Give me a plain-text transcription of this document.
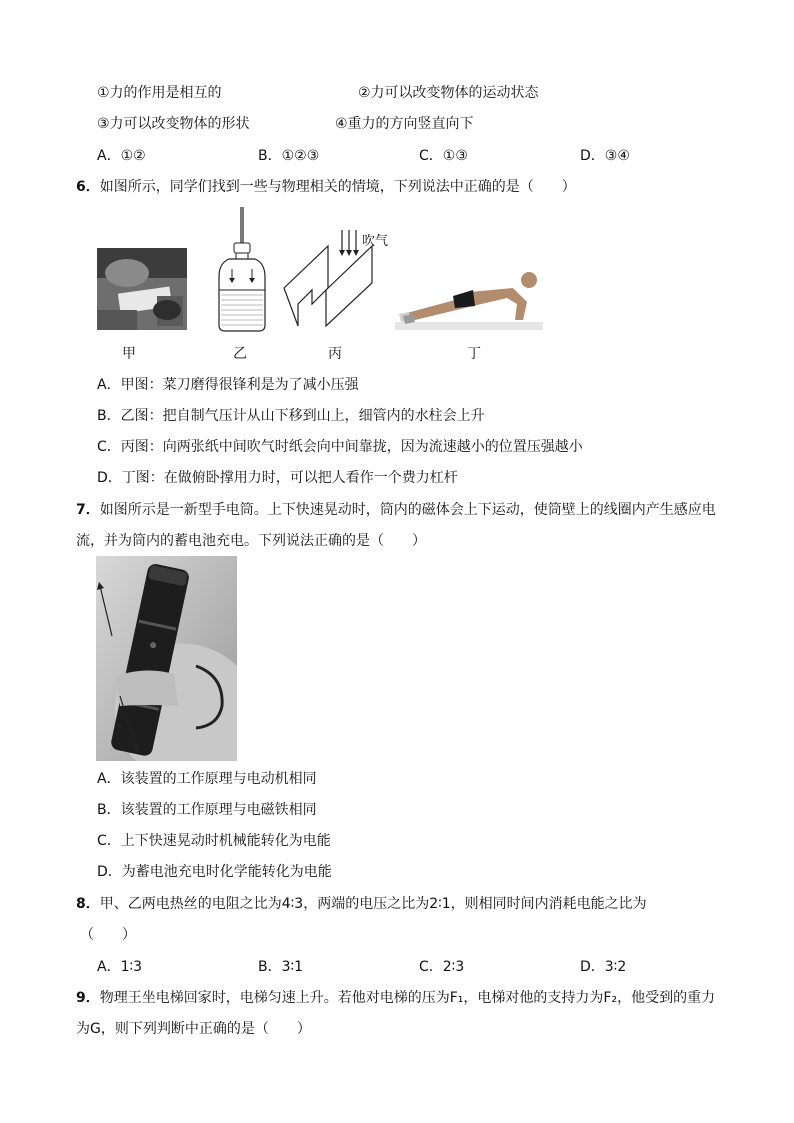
①力的作用是相互的	②力可以改变物体的运动状态
③力可以改变物体的形状	④重力的方向竖直向下
A．①②	B．①②③	C．①③	D．③④
6．如图所示，同学们找到一些与物理相关的情境，下列说法中正确的是（　　）
吹气
甲	乙	丙	丁
A．甲图：菜刀磨得很锋利是为了减小压强
B．乙图：把自制气压计从山下移到山上，细管内的水柱会上升
C．丙图：向两张纸中间吹气时纸会向中间靠拢，因为流速越小的位置压强越小
D．丁图：在做俯卧撑用力时，可以把人看作一个费力杠杆
7．如图所示是一新型手电筒。上下快速晃动时，筒内的磁体会上下运动，使筒壁上的线圈内产生感应电
流，并为筒内的蓄电池充电。下列说法正确的是（　　）
A．该装置的工作原理与电动机相同
B．该装置的工作原理与电磁铁相同
C．上下快速晃动时机械能转化为电能
D．为蓄电池充电时化学能转化为电能
8．甲、乙两电热丝的电阻之比为4∶3，两端的电压之比为2∶1，则相同时间内消耗电能之比为
（　　）
A．1∶3	B．3∶1	C．2∶3	D．3∶2
9．物理王坐电梯回家时，电梯匀速上升。若他对电梯的压为F₁，电梯对他的支持力为F₂，他受到的重力
为G，则下列判断中正确的是（　　）
